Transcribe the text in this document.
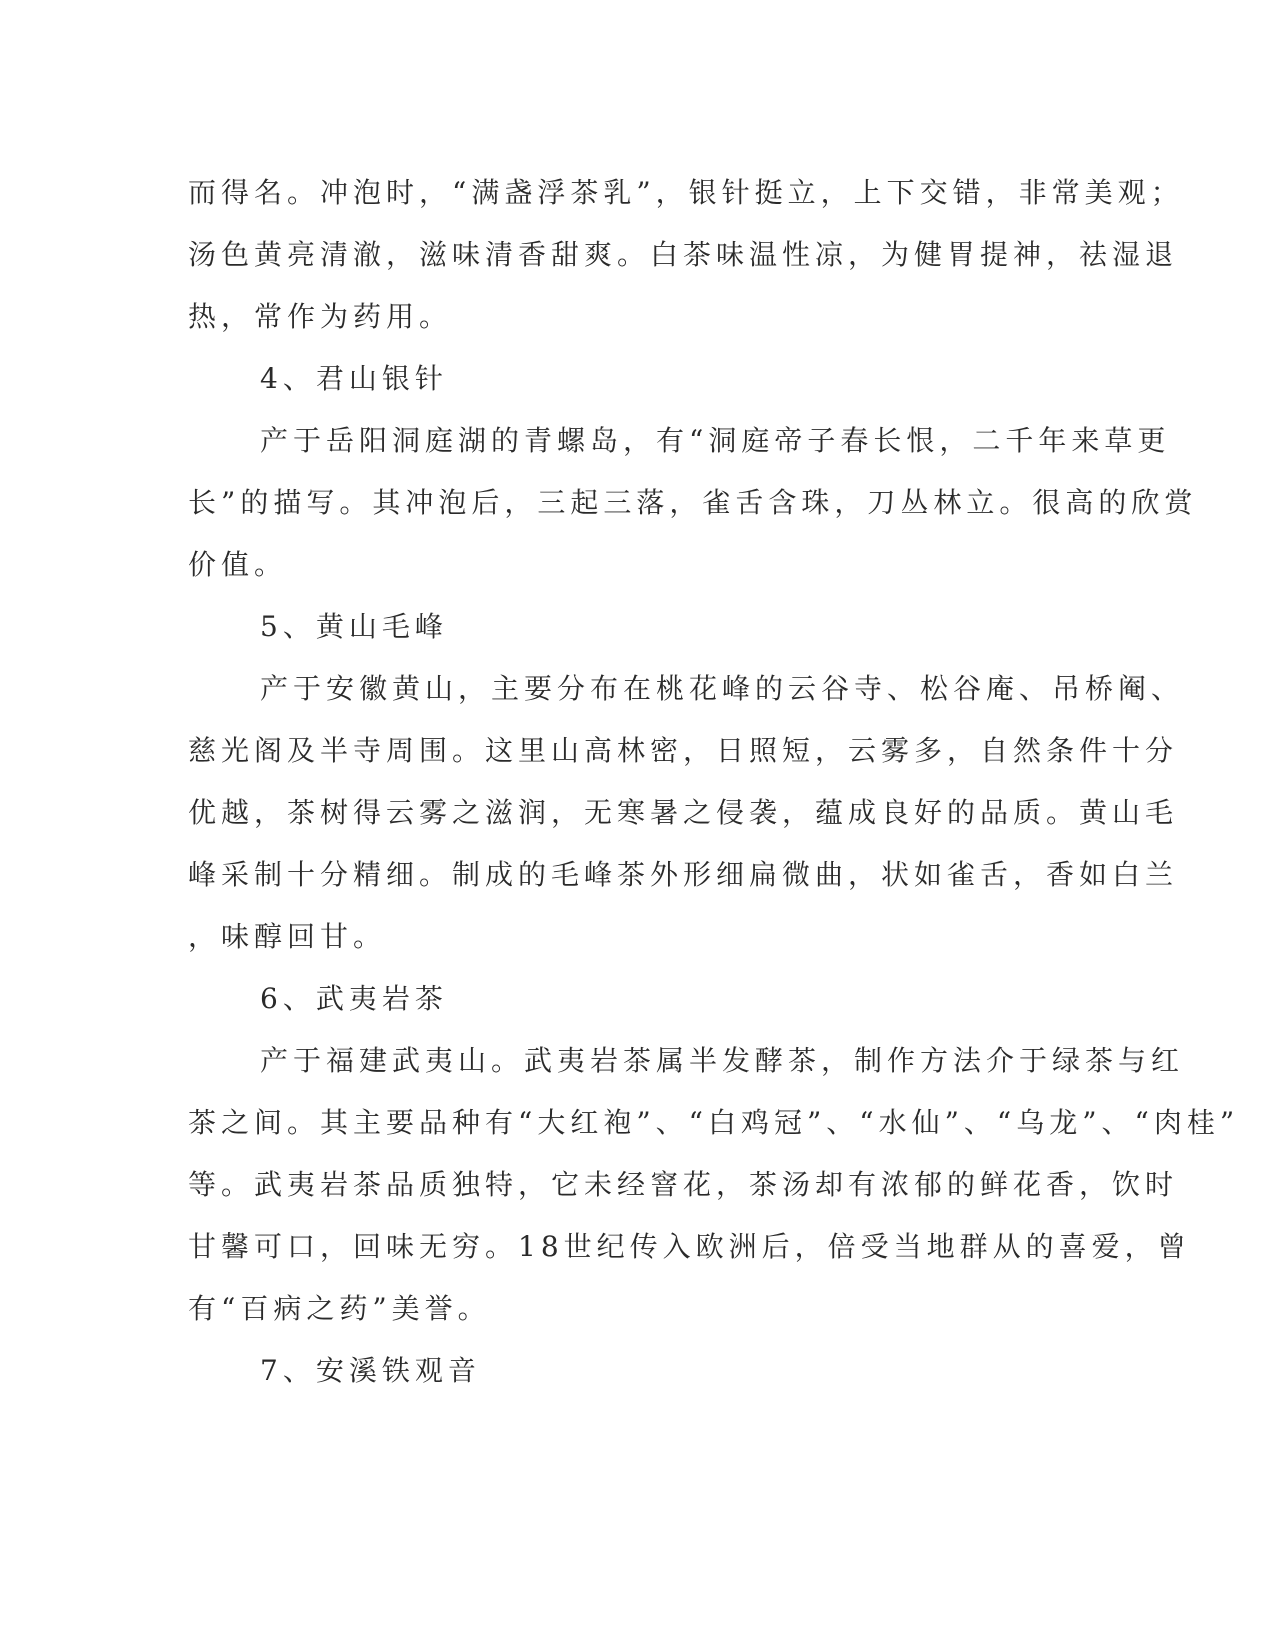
而得名。冲泡时，“满盏浮茶乳”，银针挺立，上下交错，非常美观；
汤色黄亮清澈，滋味清香甜爽。白茶味温性凉，为健胃提神，祛湿退
热，常作为药用。
4、君山银针
产于岳阳洞庭湖的青螺岛，有“洞庭帝子春长恨，二千年来草更
长”的描写。其冲泡后，三起三落，雀舌含珠，刀丛林立。很高的欣赏
价值。
5、黄山毛峰
产于安徽黄山，主要分布在桃花峰的云谷寺、松谷庵、吊桥阉、
慈光阁及半寺周围。这里山高林密，日照短，云雾多，自然条件十分
优越，茶树得云雾之滋润，无寒暑之侵袭，蕴成良好的品质。黄山毛
峰采制十分精细。制成的毛峰茶外形细扁微曲，状如雀舌，香如白兰
，味醇回甘。
6、武夷岩茶
产于福建武夷山。武夷岩茶属半发酵茶，制作方法介于绿茶与红
茶之间。其主要品种有“大红袍”、“白鸡冠”、“水仙”、“乌龙”、“肉桂”
等。武夷岩茶品质独特，它未经窨花，茶汤却有浓郁的鲜花香，饮时
甘馨可口，回味无穷。18世纪传入欧洲后，倍受当地群从的喜爱，曾
有“百病之药”美誉。
7、安溪铁观音
